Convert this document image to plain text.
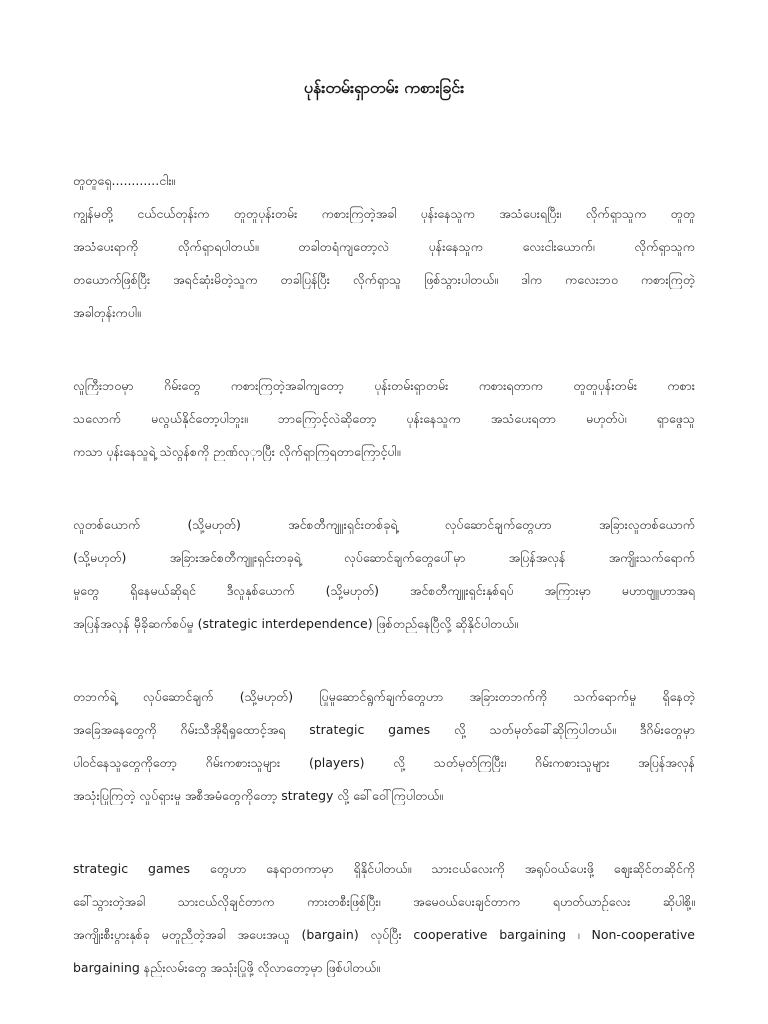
ပုန်းတမ်းရှာတမ်း ကစားခြင်း

တူတူရှေ............ငါး။

ကျွန်မတို့ ငယ်ငယ်တုန်းက တူတူပုန်းတမ်း ကစားကြတဲ့အခါ ပုန်းနေသူက အသံပေးရပြီး၊ လိုက်ရှာသူက တူတူ

အသံပေးရာကို လိုက်ရှာရပါတယ်။ တခါတရံကျတော့လဲ ပုန်းနေသူက လေးငါးယောက်၊ လိုက်ရှာသူက

တယောက်ဖြစ်ပြီး အရင်ဆုံးမိတဲ့သူက တခါပြန်ပြီး လိုက်ရှာသူ ဖြစ်သွားပါတယ်။ ဒါက ကလေးဘဝ ကစားကြတဲ့

အခါတုန်းကပါ။

လူကြီးဘဝမှာ ဂိမ်းတွေ ကစားကြတဲ့အခါကျတော့ ပုန်းတမ်းရှာတမ်း ကစားရတာက တူတူပုန်းတမ်း ကစား

သလောက် မလွယ်နိုင်တော့ပါဘူး။ ဘာကြောင့်လဲဆိုတော့ ပုန်းနေသူက အသံပေးရတာ မဟုတ်ပဲ၊ ရှာဖွေသူ

ကသာ ပုန်းနေသူရဲ့ သဲလွန်စကို ဉာဏ်လှှာပြီး လိုက်ရှာကြရတာကြောင့်ပါ။

လူတစ်ယောက် (သို့မဟုတ်) အင်စတီကျူးရှင်းတစ်ခုရဲ့ လုပ်ဆောင်ချက်တွေဟာ အခြားလူတစ်ယောက်

(သို့မဟုတ်) အခြားအင်စတီကျူးရှင်းတခုရဲ့ လုပ်ဆောင်ချက်တွေပေါ်မှာ အပြန်အလှန် အကျိုးသက်ရောက်

မှုတွေ ရှိနေမယ်ဆိုရင် ဒီလူနှစ်ယောက် (သို့မဟုတ်) အင်စတီကျူးရှင်းနှစ်ရပ် အကြားမှာ မဟာဗျူဟာအရ

အပြန်အလှန် မှီခိုဆက်စပ်မှု (strategic interdependence) ဖြစ်တည်နေပြီလို့ ဆိုနိုင်ပါတယ်။

တဘက်ရဲ့ လုပ်ဆောင်ချက် (သို့မဟုတ်) ပြုမူဆောင်ရွက်ချက်တွေဟာ အခြားတဘက်ကို သက်ရောက်မှု ရှိနေတဲ့

အခြေအနေတွေကို ဂိမ်းသီအိုရီရှုထောင့်အရ strategic games လို့ သတ်မှတ်ခေါ်ဆိုကြပါတယ်။ ဒီဂိမ်းတွေမှာ

ပါဝင်နေသူတွေကိုတော့ ဂိမ်းကစားသူများ (players) လို့ သတ်မှတ်ကြပြီး၊ ဂိမ်းကစားသူများ အပြန်အလှန်

အသုံးပြုကြတဲ့ လှုပ်ရှားမှု အစီအမံတွေကိုတော့ strategy လို့ ခေါ်ဝေါ်ကြပါတယ်။

strategic games တွေဟာ နေရာတကာမှာ ရှိနိုင်ပါတယ်။ သားငယ်လေးကို အရုပ်ဝယ်ပေးဖို့ ဈေးဆိုင်တဆိုင်ကို

ခေါ်သွားတဲ့အခါ သားငယ်လိုချင်တာက ကားတစီးဖြစ်ပြီး၊ အမေဝယ်ပေးချင်တာက ရဟတ်ယာဉ်လေး ဆိုပါစို့။

အကျိုးစီးပွားနှစ်ခု မတူညီတဲ့အခါ အပေးအယူ (bargain) လုပ်ပြီး cooperative bargaining ၊ Non-cooperative

bargaining နည်းလမ်းတွေ အသုံးပြုဖို့ လိုလာတော့မှာ ဖြစ်ပါတယ်။
